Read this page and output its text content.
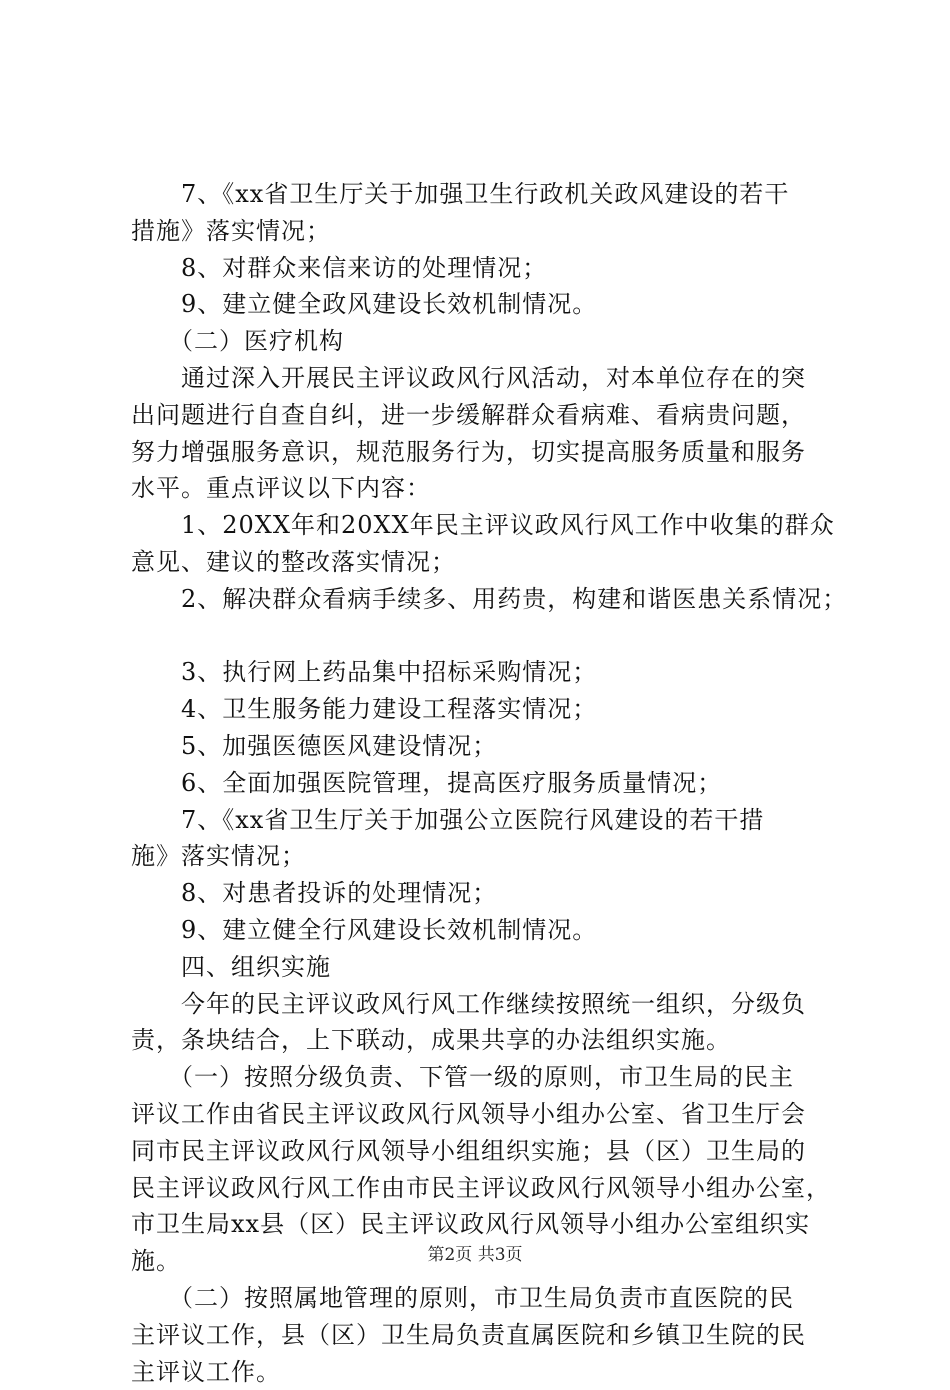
　　7、《xx省卫生厅关于加强卫生行政机关政风建设的若干

措施》落实情况；

　　8、对群众来信来访的处理情况；

　　9、建立健全政风建设长效机制情况。

　　（二）医疗机构

　　通过深入开展民主评议政风行风活动，对本单位存在的突

出问题进行自查自纠，进一步缓解群众看病难、看病贵问题，

努力增强服务意识，规范服务行为，切实提高服务质量和服务

水平。重点评议以下内容：

　　1、20XX年和20XX年民主评议政风行风工作中收集的群众

意见、建议的整改落实情况；

　　2、解决群众看病手续多、用药贵，构建和谐医患关系情况；

　　3、执行网上药品集中招标采购情况；

　　4、卫生服务能力建设工程落实情况；

　　5、加强医德医风建设情况；

　　6、全面加强医院管理，提高医疗服务质量情况；

　　7、《xx省卫生厅关于加强公立医院行风建设的若干措

施》落实情况；

　　8、对患者投诉的处理情况；

　　9、建立健全行风建设长效机制情况。

　　四、组织实施

　　今年的民主评议政风行风工作继续按照统一组织，分级负

责，条块结合，上下联动，成果共享的办法组织实施。

　　（一）按照分级负责、下管一级的原则，市卫生局的民主

评议工作由省民主评议政风行风领导小组办公室、省卫生厅会

同市民主评议政风行风领导小组组织实施；县（区）卫生局的

民主评议政风行风工作由市民主评议政风行风领导小组办公室，

市卫生局xx县（区）民主评议政风行风领导小组办公室组织实

施。

　　（二）按照属地管理的原则，市卫生局负责市直医院的民

主评议工作，县（区）卫生局负责直属医院和乡镇卫生院的民

主评议工作。

第2页 共3页
